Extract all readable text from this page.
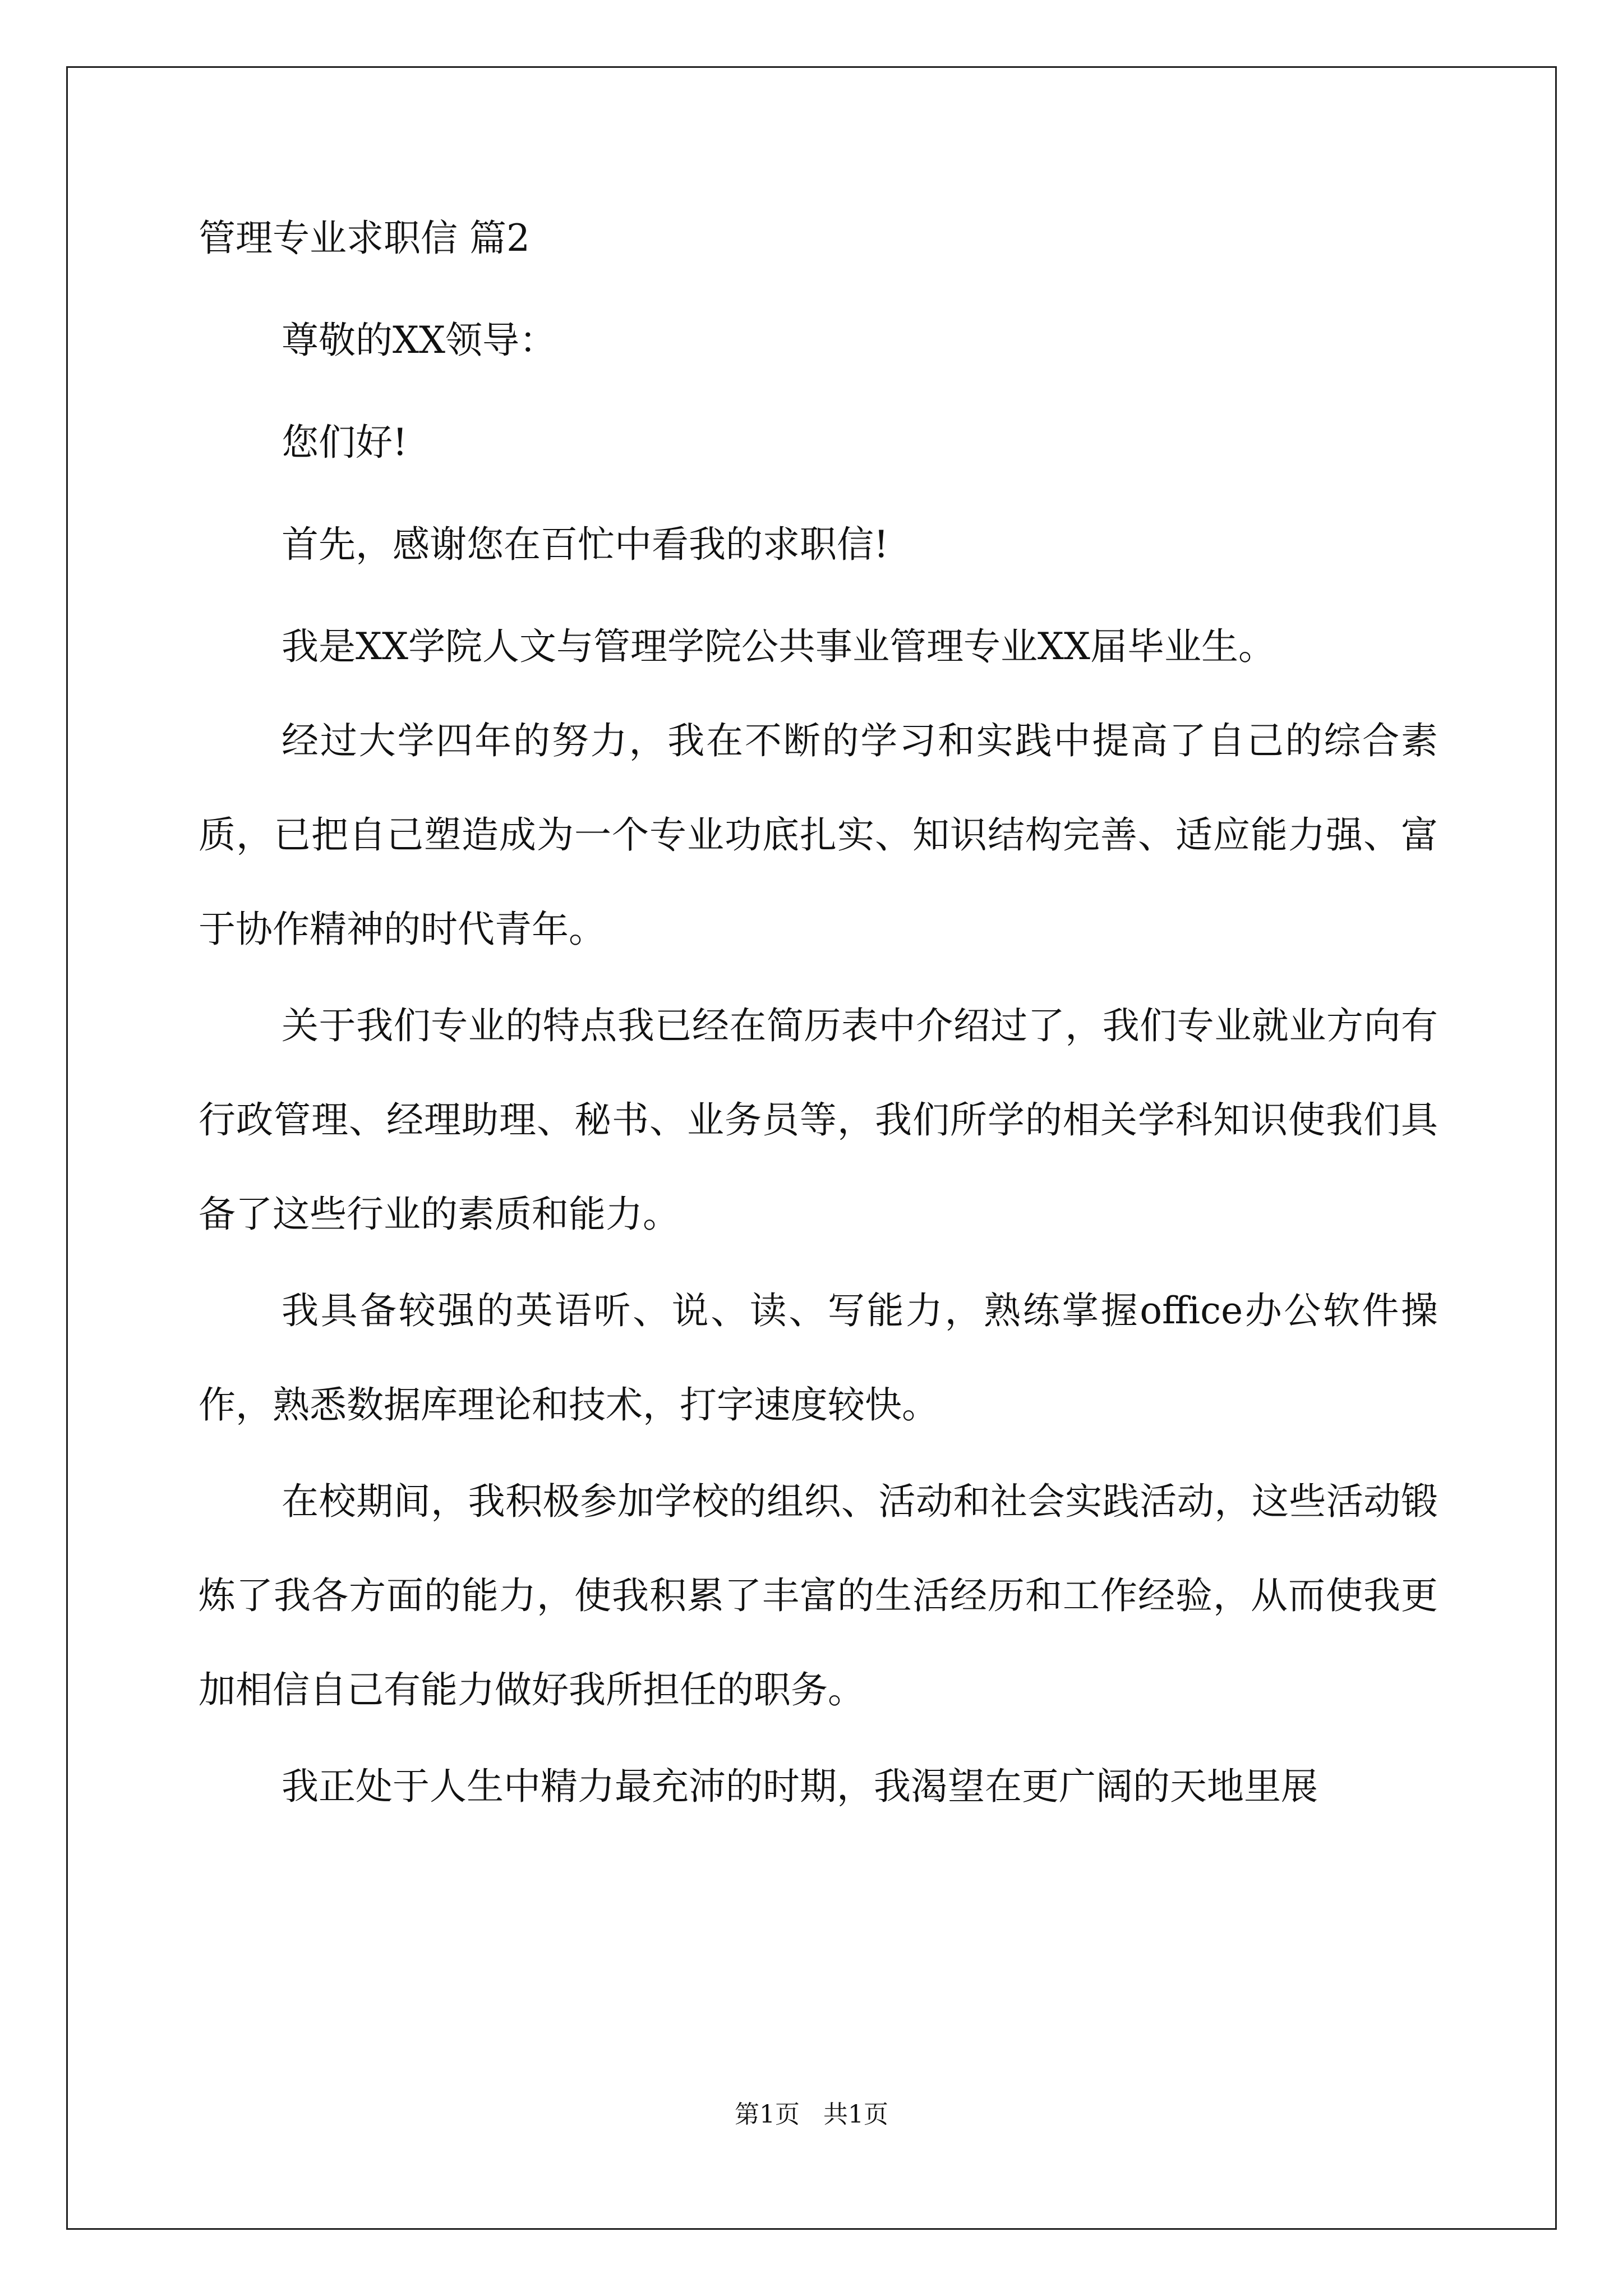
管理专业求职信 篇2
尊敬的XX领导：
您们好!

首先，感谢您在百忙中看我的求职信!

我是XX学院人文与管理学院公共事业管理专业XX届毕业生。

经过大学四年的努力，我在不断的学习和实践中提高了自己的综合素质，已把自己塑造成为一个专业功底扎实、知识结构完善、适应能力强、富于协作精神的时代青年。

关于我们专业的特点我已经在简历表中介绍过了，我们专业就业方向有行政管理、经理助理、秘书、业务员等，我们所学的相关学科知识使我们具备了这些行业的素质和能力。

我具备较强的英语听、说、读、写能力，熟练掌握office办公软件操作，熟悉数据库理论和技术，打字速度较快。

在校期间，我积极参加学校的组织、活动和社会实践活动，这些活动锻炼了我各方面的能力，使我积累了丰富的生活经历和工作经验，从而使我更加相信自己有能力做好我所担任的职务。

我正处于人生中精力最充沛的时期，我渴望在更广阔的天地里展

第1页   共1页
